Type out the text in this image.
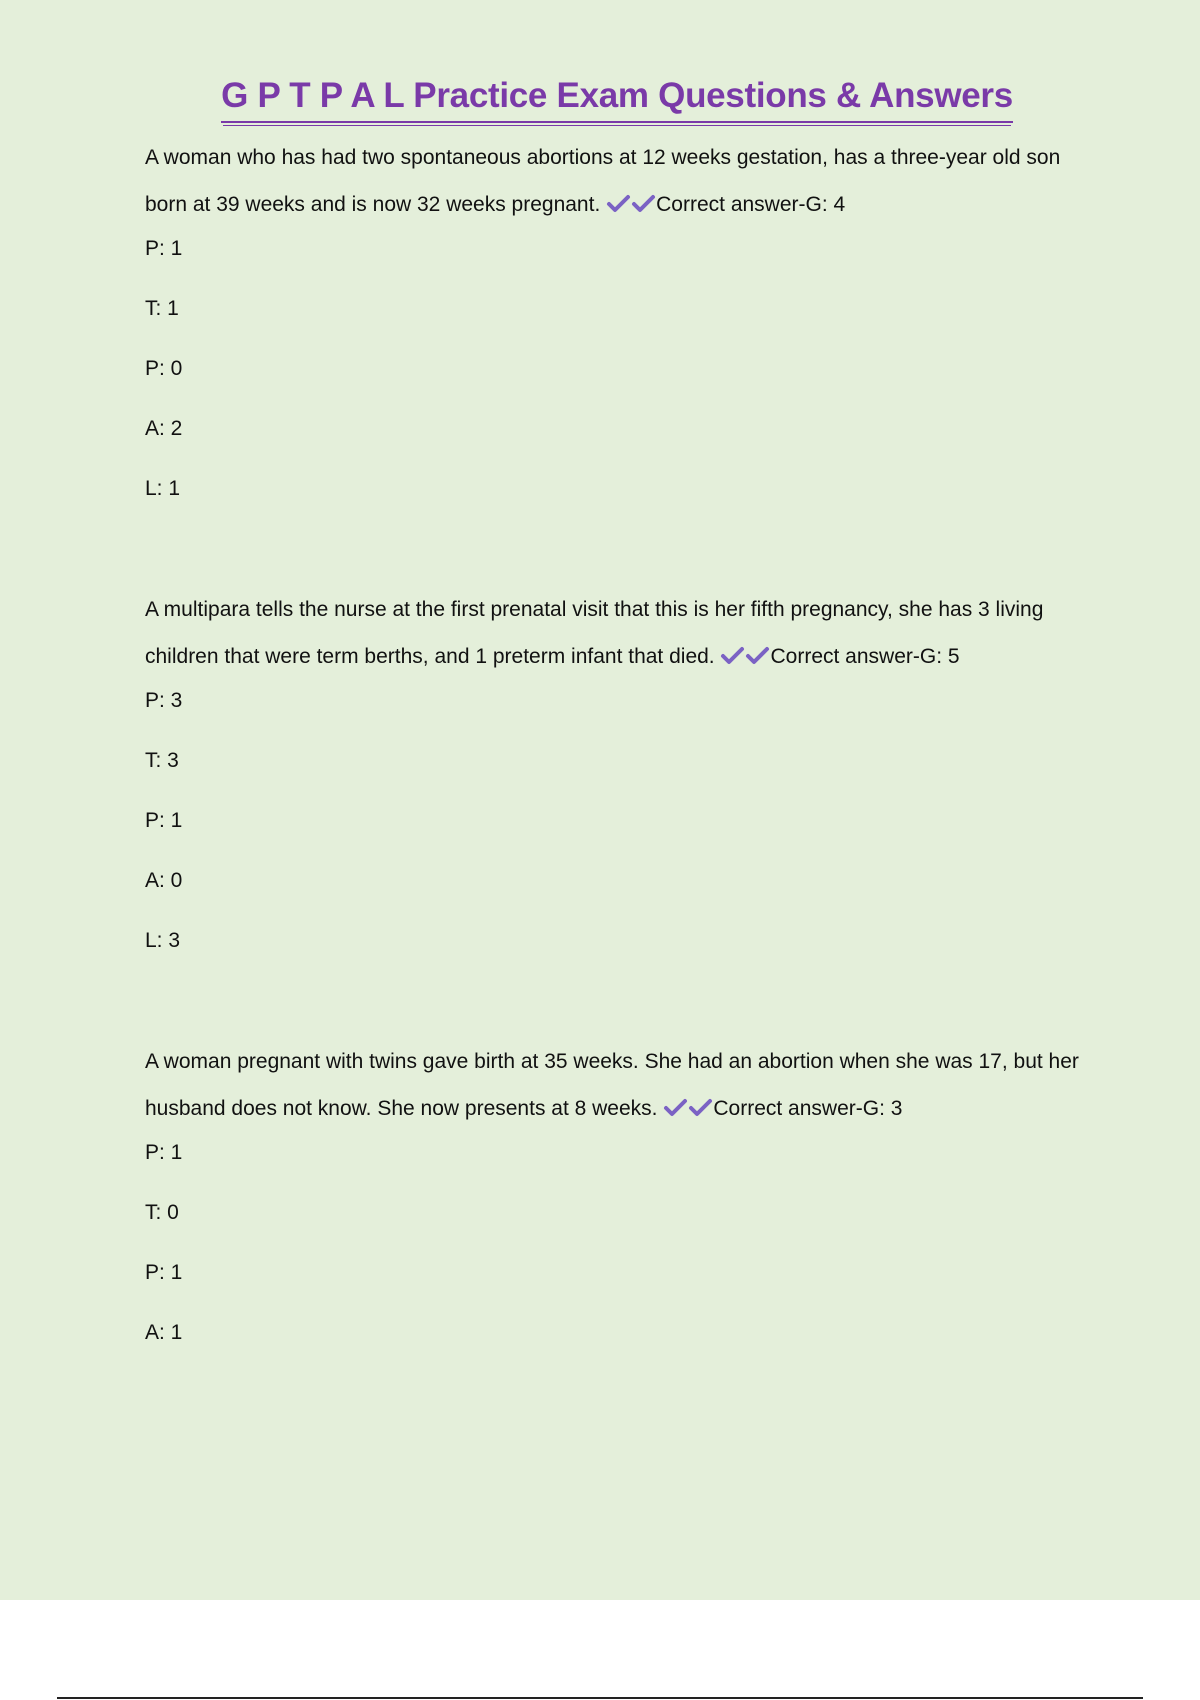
G P T P A L Practice Exam Questions & Answers
A woman who has had two spontaneous abortions at 12 weeks gestation, has a three-year old son born at 39 weeks and is now 32 weeks pregnant.	Correct answer-G: 4
P: 1
T: 1
P: 0
A: 2
L: 1
A multipara tells the nurse at the first prenatal visit that this is her fifth pregnancy, she has 3 living children that were term berths, and 1 preterm infant that died.	Correct answer-G: 5
P: 3
T: 3
P: 1
A: 0
L: 3
A woman pregnant with twins gave birth at 35 weeks. She had an abortion when she was 17, but her husband does not know. She now presents at 8 weeks.	Correct answer-G: 3
P: 1
T: 0
P: 1
A: 1
